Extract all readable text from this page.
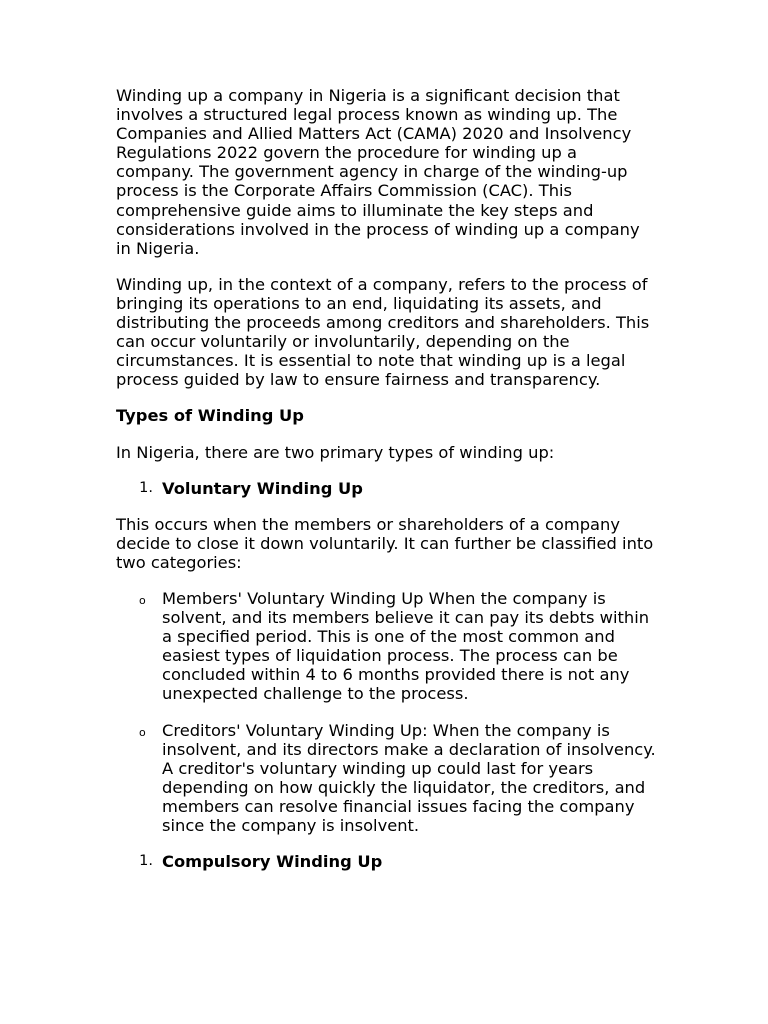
Winding up a company in Nigeria is a significant decision that involves a structured legal process known as winding up. The Companies and Allied Matters Act (CAMA) 2020 and Insolvency Regulations 2022 govern the procedure for winding up a company. The government agency in charge of the winding-up process is the Corporate Affairs Commission (CAC). This comprehensive guide aims to illuminate the key steps and considerations involved in the process of winding up a company in Nigeria.

Winding up, in the context of a company, refers to the process of bringing its operations to an end, liquidating its assets, and distributing the proceeds among creditors and shareholders. This can occur voluntarily or involuntarily, depending on the circumstances. It is essential to note that winding up is a legal process guided by law to ensure fairness and transparency.

Types of Winding Up

In Nigeria, there are two primary types of winding up:

1. Voluntary Winding Up

This occurs when the members or shareholders of a company decide to close it down voluntarily. It can further be classified into two categories:

o Members' Voluntary Winding Up When the company is solvent, and its members believe it can pay its debts within a specified period. This is one of the most common and easiest types of liquidation process. The process can be concluded within 4 to 6 months provided there is not any unexpected challenge to the process.

o Creditors' Voluntary Winding Up: When the company is insolvent, and its directors make a declaration of insolvency. A creditor's voluntary winding up could last for years depending on how quickly the liquidator, the creditors, and members can resolve financial issues facing the company since the company is insolvent.

1. Compulsory Winding Up
